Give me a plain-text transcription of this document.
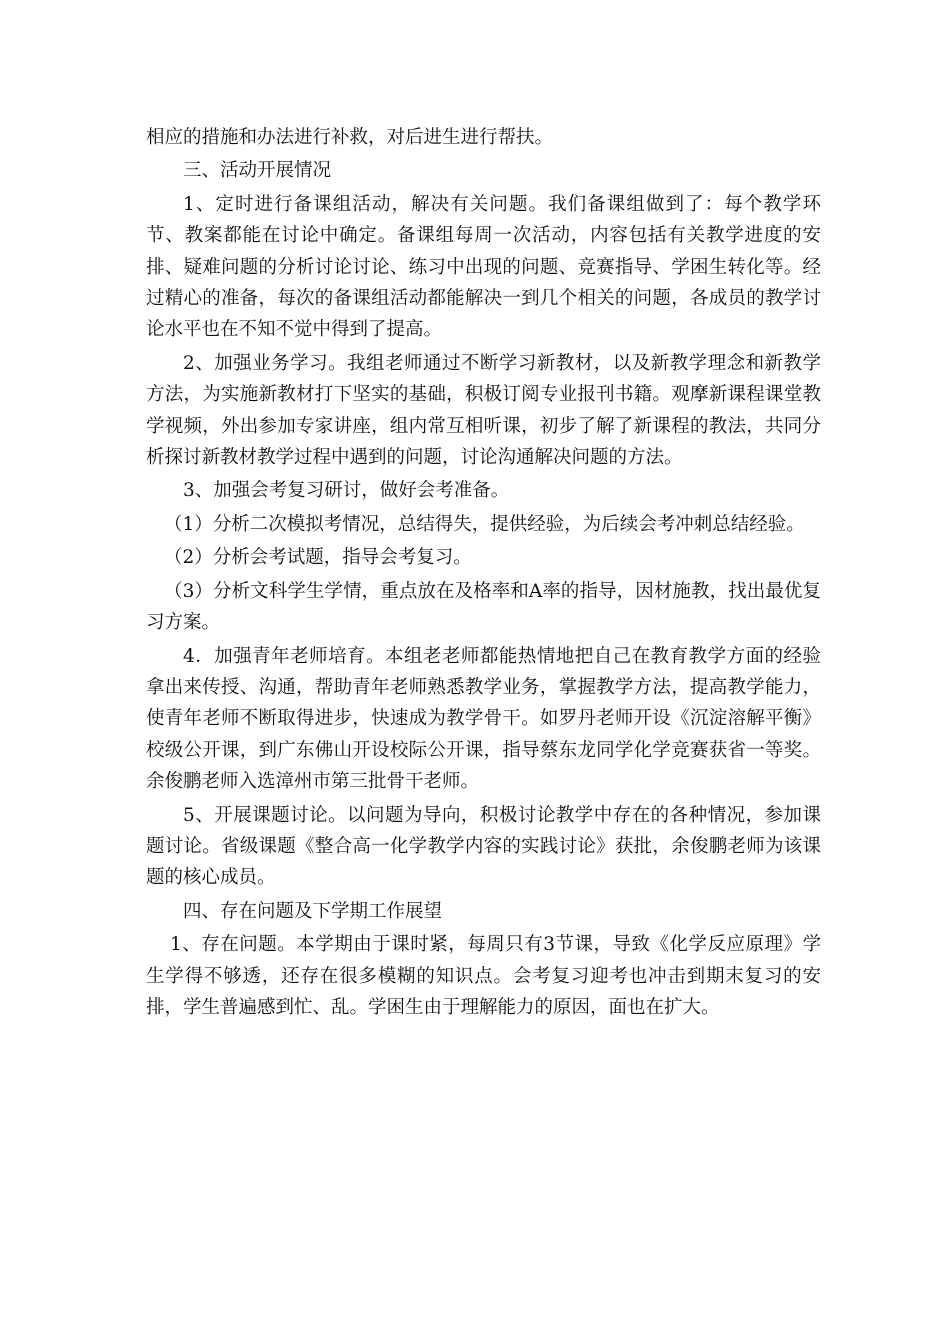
相应的措施和办法进行补救，对后进生进行帮扶。

三、活动开展情况

1、定时进行备课组活动，解决有关问题。我们备课组做到了：每个教学环节、教案都能在讨论中确定。备课组每周一次活动，内容包括有关教学进度的安排、疑难问题的分析讨论讨论、练习中出现的问题、竞赛指导、学困生转化等。经过精心的准备，每次的备课组活动都能解决一到几个相关的问题，各成员的教学讨论水平也在不知不觉中得到了提高。

2、加强业务学习。我组老师通过不断学习新教材，以及新教学理念和新教学方法，为实施新教材打下坚实的基础，积极订阅专业报刊书籍。观摩新课程课堂教学视频，外出参加专家讲座，组内常互相听课，初步了解了新课程的教法，共同分析探讨新教材教学过程中遇到的问题，讨论沟通解决问题的方法。

3、加强会考复习研讨，做好会考准备。

（1）分析二次模拟考情况，总结得失，提供经验，为后续会考冲刺总结经验。

（2）分析会考试题，指导会考复习。

（3）分析文科学生学情，重点放在及格率和A率的指导，因材施教，找出最优复习方案。

4．加强青年老师培育。本组老老师都能热情地把自己在教育教学方面的经验拿出来传授、沟通，帮助青年老师熟悉教学业务，掌握教学方法，提高教学能力，使青年老师不断取得进步，快速成为教学骨干。如罗丹老师开设《沉淀溶解平衡》校级公开课，到广东佛山开设校际公开课，指导蔡东龙同学化学竞赛获省一等奖。余俊鹏老师入选漳州市第三批骨干老师。

5、开展课题讨论。以问题为导向，积极讨论教学中存在的各种情况，参加课题讨论。省级课题《整合高一化学教学内容的实践讨论》获批，余俊鹏老师为该课题的核心成员。

四、存在问题及下学期工作展望

1、存在问题。本学期由于课时紧，每周只有3节课，导致《化学反应原理》学生学得不够透，还存在很多模糊的知识点。会考复习迎考也冲击到期末复习的安排，学生普遍感到忙、乱。学困生由于理解能力的原因，面也在扩大。
